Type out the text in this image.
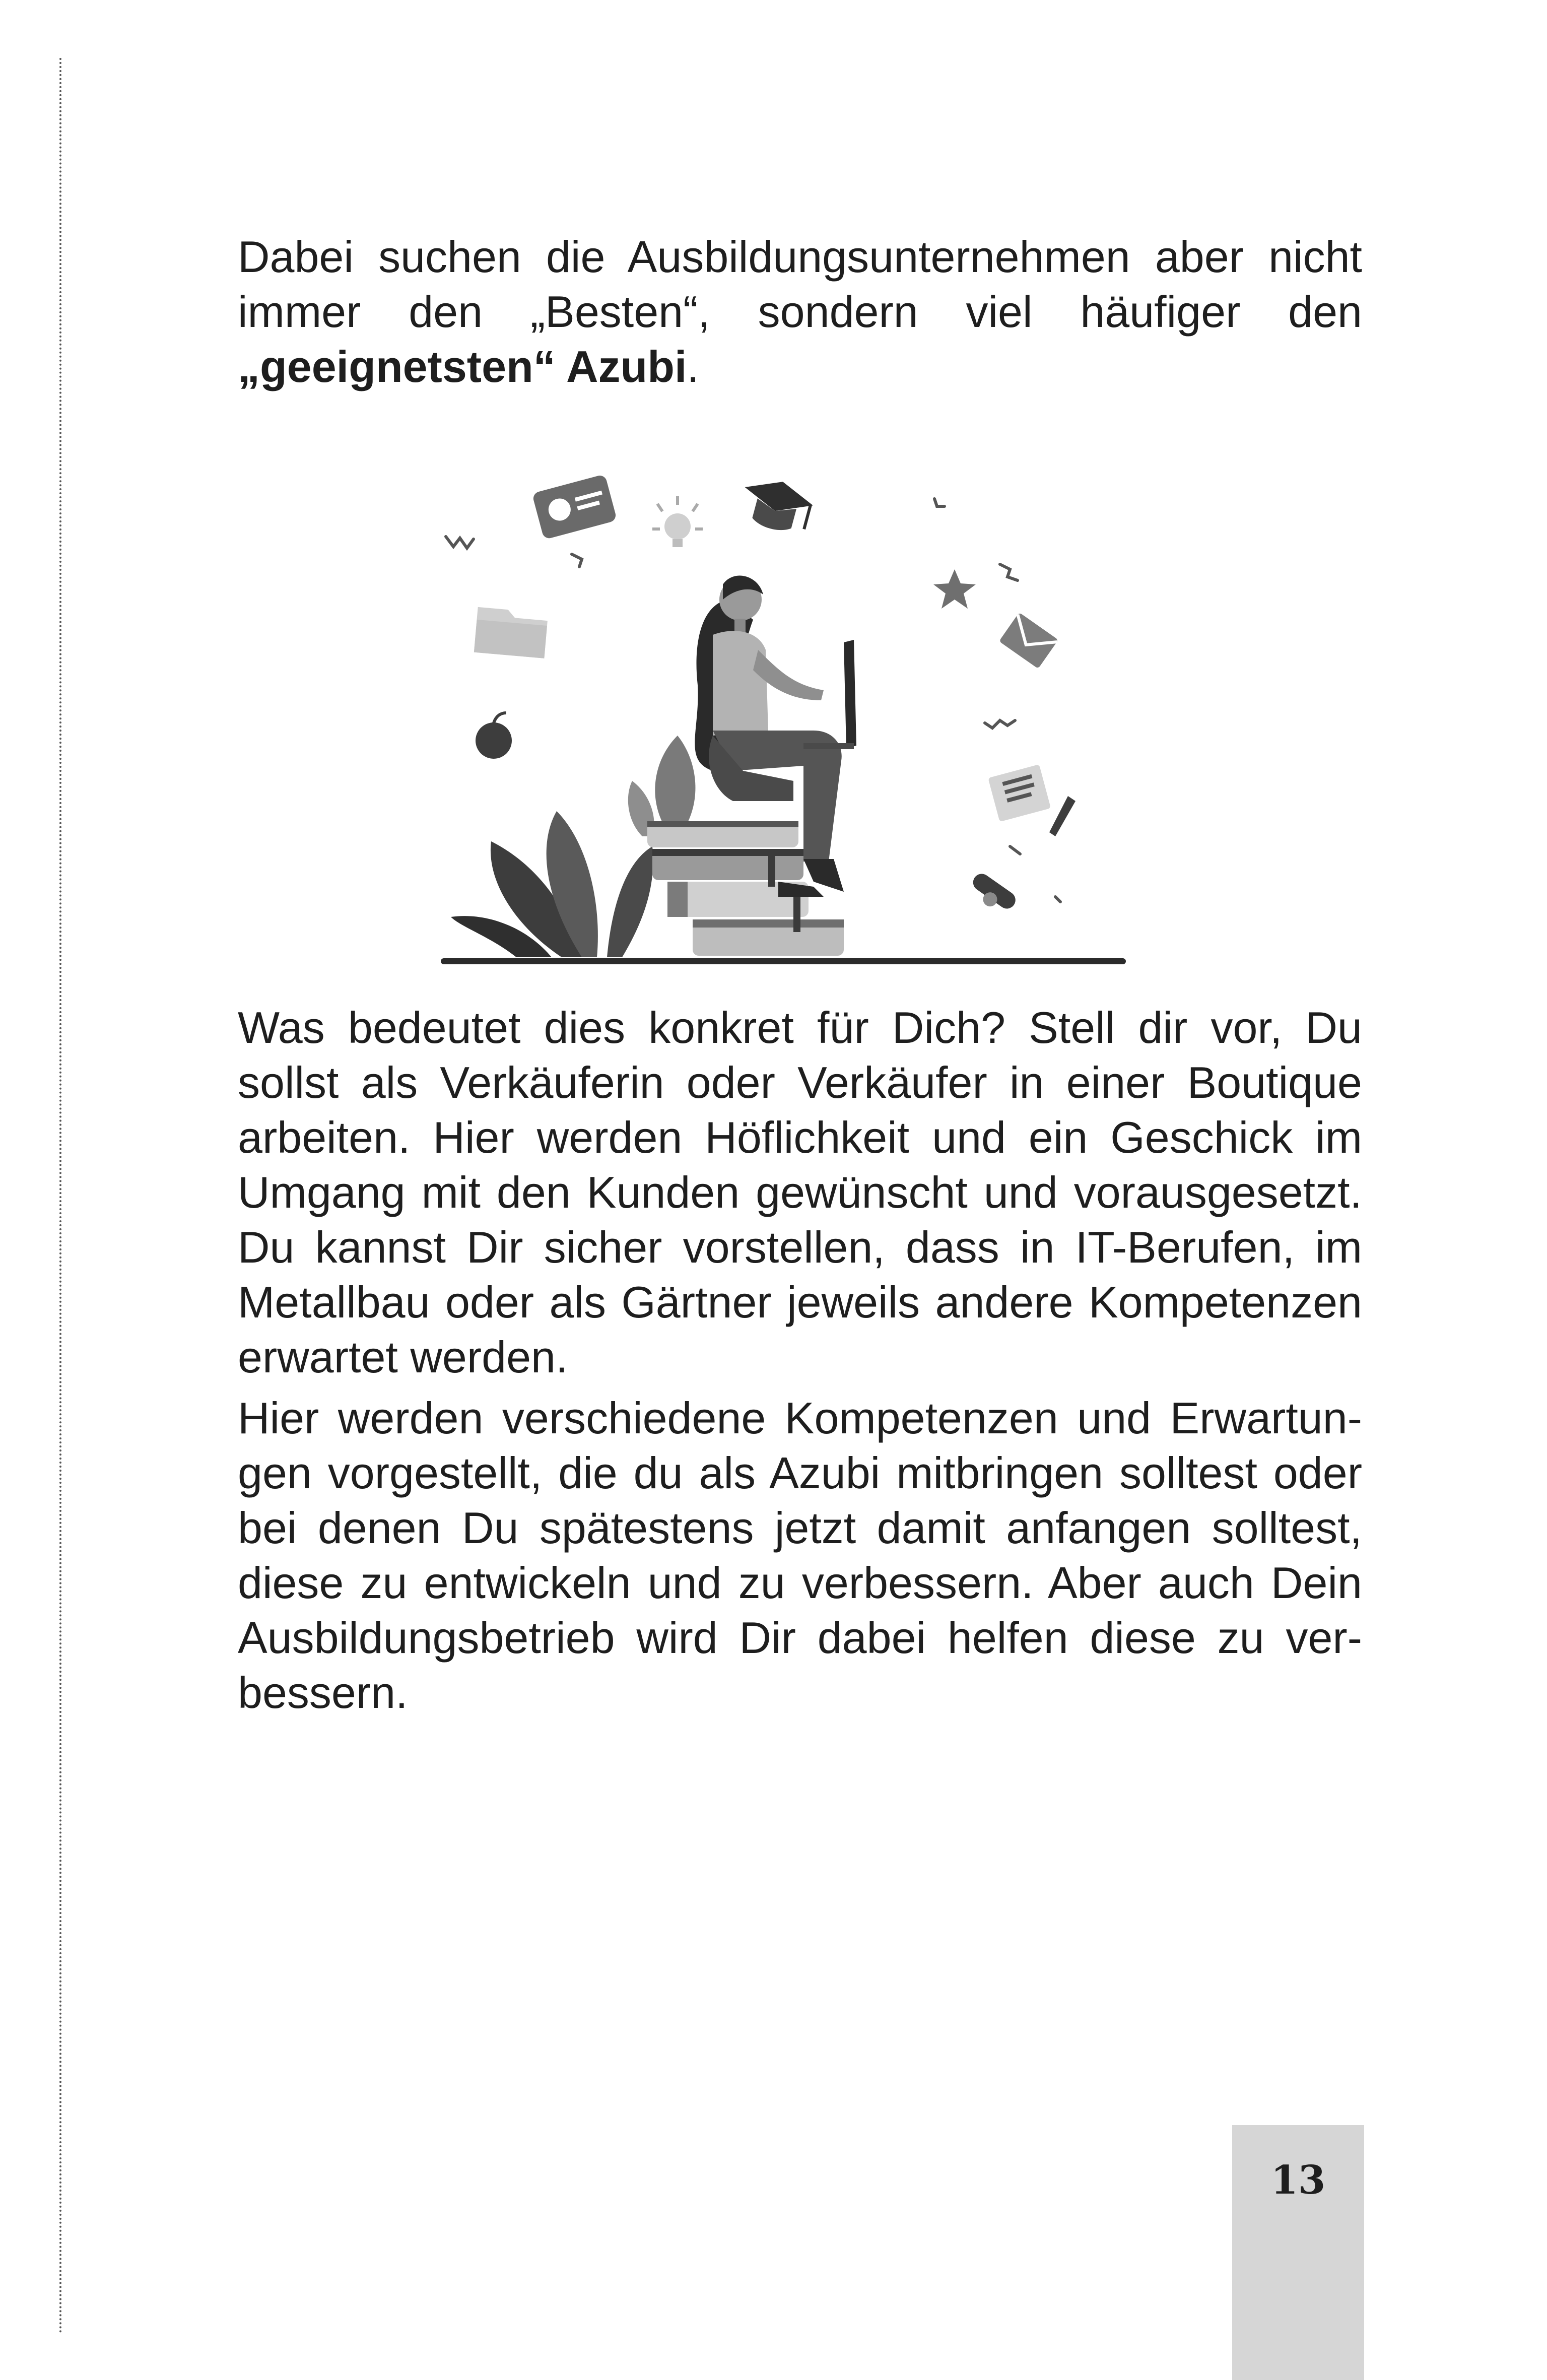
Dabei suchen die Ausbildungsunternehmen aber nicht immer den „Besten“, sondern viel häufiger den „geeignetsten“ Azubi.

Was bedeutet dies konkret für Dich? Stell dir vor, Du sollst als Verkäuferin oder Verkäufer in einer Boutique arbeiten. Hier werden Höflichkeit und ein Geschick im Umgang mit den Kunden gewünscht und vorausgesetzt. Du kannst Dir sicher vorstellen, dass in IT-Berufen, im Metallbau oder als Gärtner jeweils andere Kompetenzen erwartet werden.

Hier werden verschiedene Kompetenzen und Erwartungen vorgestellt, die du als Azubi mitbringen solltest oder bei denen Du spätestens jetzt damit anfangen solltest, diese zu entwickeln und zu verbessern. Aber auch Dein Ausbildungsbetrieb wird Dir dabei helfen diese zu verbessern.

13
